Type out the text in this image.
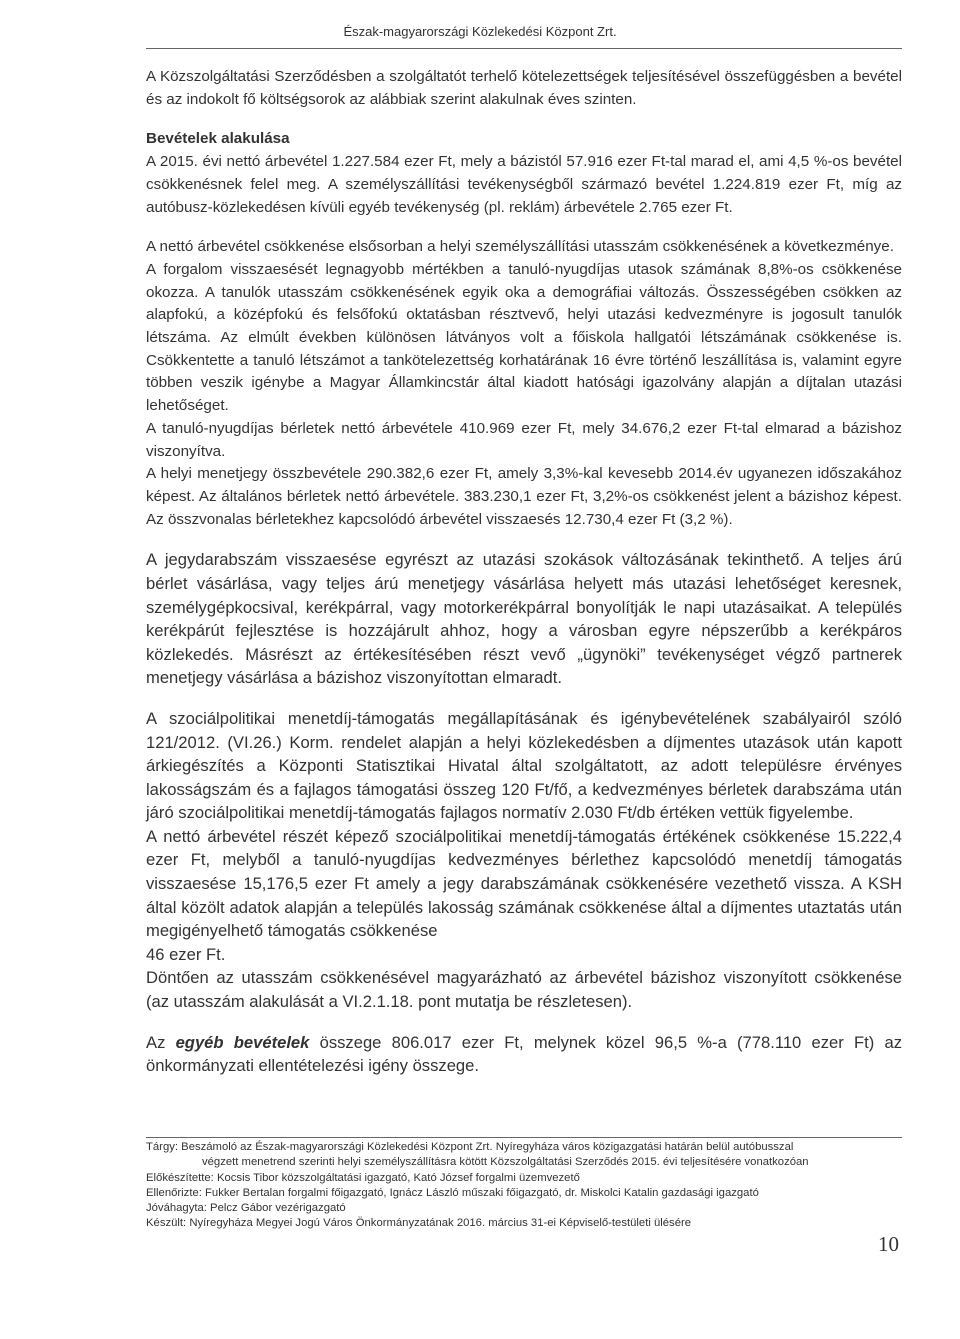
Észak-magyarországi Közlekedési Központ Zrt.

A Közszolgáltatási Szerződésben a szolgáltatót terhelő kötelezettségek teljesítésével összefüggésben a bevétel és az indokolt fő költségsorok az alábbiak szerint alakulnak éves szinten.

Bevételek alakulása

A 2015. évi nettó árbevétel 1.227.584 ezer Ft, mely a bázistól 57.916 ezer Ft-tal marad el, ami 4,5 %-os bevétel csökkenésnek felel meg. A személyszállítási tevékenységből származó bevétel 1.224.819 ezer Ft, míg az autóbusz-közlekedésen kívüli egyéb tevékenység (pl. reklám) árbevétele 2.765 ezer Ft.

A nettó árbevétel csökkenése elsősorban a helyi személyszállítási utasszám csökkenésének a következménye.

A forgalom visszaesését legnagyobb mértékben a tanuló-nyugdíjas utasok számának 8,8%-os csökkenése okozza. A tanulók utasszám csökkenésének egyik oka a demográfiai változás. Összességében csökken az alapfokú, a középfokú és felsőfokú oktatásban résztvevő, helyi utazási kedvezményre is jogosult tanulók létszáma. Az elmúlt években különösen látványos volt a főiskola hallgatói létszámának csökkenése is. Csökkentette a tanuló létszámot a tankötelezettség korhatárának 16 évre történő leszállítása is, valamint egyre többen veszik igénybe a Magyar Államkincstár által kiadott hatósági igazolvány alapján a díjtalan utazási lehetőséget.

A tanuló-nyugdíjas bérletek nettó árbevétele 410.969 ezer Ft, mely 34.676,2 ezer Ft-tal elmarad a bázishoz viszonyítva.

A helyi menetjegy összbevétele 290.382,6 ezer Ft, amely 3,3%-kal kevesebb 2014.év ugyanezen időszakához képest. Az általános bérletek nettó árbevétele. 383.230,1 ezer Ft, 3,2%-os csökkenést jelent a bázishoz képest. Az összvonalas bérletekhez kapcsolódó árbevétel visszaesés 12.730,4 ezer Ft (3,2 %).

A jegydarabszám visszaesése egyrészt az utazási szokások változásának tekinthető. A teljes árú bérlet vásárlása, vagy teljes árú menetjegy vásárlása helyett más utazási lehetőséget keresnek, személygépkocsival, kerékpárral, vagy motorkerékpárral bonyolítják le napi utazásaikat. A település kerékpárút fejlesztése is hozzájárult ahhoz, hogy a városban egyre népszerűbb a kerékpáros közlekedés. Másrészt az értékesítésében részt vevő „ügynöki” tevékenységet végző partnerek menetjegy vásárlása a bázishoz viszonyítottan elmaradt.

A szociálpolitikai menetdíj-támogatás megállapításának és igénybevételének szabályairól szóló 121/2012. (VI.26.) Korm. rendelet alapján a helyi közlekedésben a díjmentes utazások után kapott árkiegészítés a Központi Statisztikai Hivatal által szolgáltatott, az adott településre érvényes lakosságszám és a fajlagos támogatási összeg 120 Ft/fő, a kedvezményes bérletek darabszáma után járó szociálpolitikai menetdíj-támogatás fajlagos normatív 2.030 Ft/db értéken vettük figyelembe.

A nettó árbevétel részét képező szociálpolitikai menetdíj-támogatás értékének csökkenése 15.222,4 ezer Ft, melyből a tanuló-nyugdíjas kedvezményes bérlethez kapcsolódó menetdíj támogatás visszaesése 15,176,5 ezer Ft amely a jegy darabszámának csökkenésére vezethető vissza. A KSH által közölt adatok alapján a település lakosság számának csökkenése által a díjmentes utaztatás után megigényelhető támogatás csökkenése

46 ezer Ft.

Döntően az utasszám csökkenésével magyarázható az árbevétel bázishoz viszonyított csökkenése (az utasszám alakulását a VI.2.1.18. pont mutatja be részletesen).

Az egyéb bevételek összege 806.017 ezer Ft, melynek közel 96,5 %-a (778.110 ezer Ft) az önkormányzati ellentételezési igény összege.

Tárgy: Beszámoló az Észak-magyarországi Közlekedési Központ Zrt. Nyíregyháza város közigazgatási határán belül autóbusszal

végzett menetrend szerinti helyi személyszállításra kötött Közszolgáltatási Szerződés 2015. évi teljesítésére vonatkozóan

Előkészítette: Kocsis Tibor közszolgáltatási igazgató, Kató József forgalmi üzemvezető

Ellenőrizte: Fukker Bertalan forgalmi főigazgató, Ignácz László műszaki főigazgató, dr. Miskolci Katalin gazdasági igazgató

Jóváhagyta: Pelcz Gábor vezérigazgató

Készült: Nyíregyháza Megyei Jogú Város Önkormányzatának 2016. március 31-ei Képviselő-testületi ülésére

10
